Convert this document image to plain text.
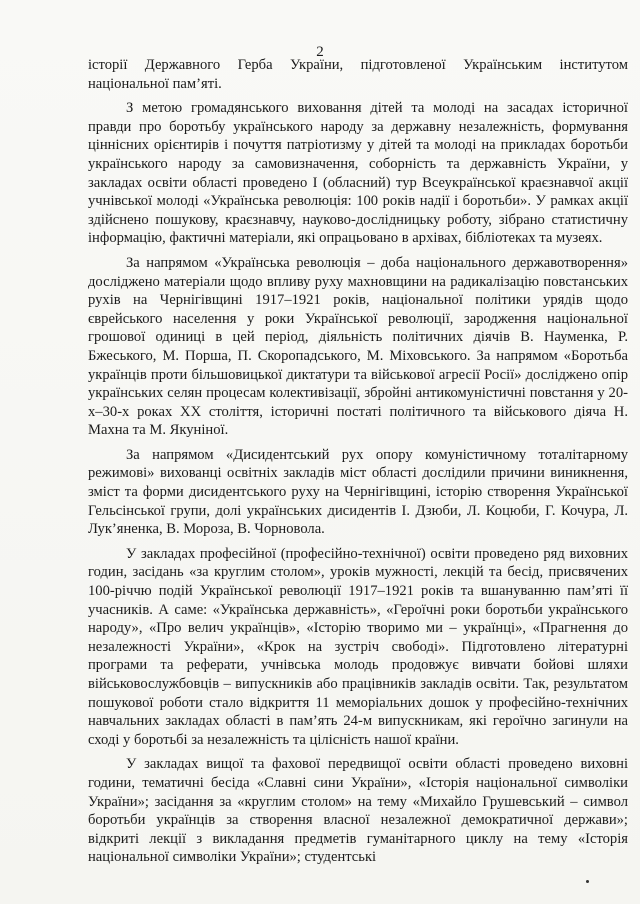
2

історії Державного Герба України, підготовленої Українським інститутом національної пам’яті.

З метою громадянського виховання дітей та молоді на засадах історичної правди про боротьбу українського народу за державну незалежність, формування ціннісних орієнтирів і почуття патріотизму у дітей та молоді на прикладах боротьби українського народу за самовизначення, соборність та державність України, у закладах освіти області проведено І (обласний) тур Всеукраїнської краєзнавчої акції учнівської молоді «Українська революція: 100 років надії і боротьби». У рамках акції здійснено пошукову, краєзнавчу, науково-дослідницьку роботу, зібрано статистичну інформацію, фактичні матеріали, які опрацьовано в архівах, бібліотеках та музеях.

За напрямом «Українська революція – доба національного державотворення» досліджено матеріали щодо впливу руху махновщини на радикалізацію повстанських рухів на Чернігівщині 1917–1921 років, національної політики урядів щодо єврейського населення у роки Української революції, зародження національної грошової одиниці в цей період, діяльність політичних діячів В. Науменка, Р. Бжеського, М. Порша, П. Скоропадського, М. Міховського. За напрямом «Боротьба українців проти більшовицької диктатури та військової агресії Росії» досліджено опір українських селян процесам колективізації, збройні антикомуністичні повстання у 20-х–30-х роках ХХ століття, історичні постаті політичного та військового діяча Н. Махна та М. Якуніної.

За напрямом «Дисидентський рух опору комуністичному тоталітарному режимові» вихованці освітніх закладів міст області дослідили причини виникнення, зміст та форми дисидентського руху на Чернігівщині, історію створення Української Гельсінської групи, долі українських дисидентів І. Дзюби, Л. Коцюби, Г. Кочура, Л. Лук’яненка, В. Мороза, В. Чорновола.

У закладах професійної (професійно-технічної) освіти проведено ряд виховних годин, засідань «за круглим столом», уроків мужності, лекцій та бесід, присвячених 100-річчю подій Української революції 1917–1921 років та вшануванню пам’яті її учасників. А саме: «Українська державність», «Героїчні роки боротьби українського народу», «Про велич українців», «Історію творимо ми – українці», «Прагнення до незалежності України», «Крок на зустріч свободі». Підготовлено літературні програми та реферати, учнівська молодь продовжує вивчати бойові шляхи військовослужбовців – випускників або працівників закладів освіти. Так, результатом пошукової роботи стало відкриття 11 меморіальних дошок у професійно-технічних навчальних закладах області в пам’ять 24-м випускникам, які героїчно загинули на сході у боротьбі за незалежність та цілісність нашої країни.

У закладах вищої та фахової передвищої освіти області проведено виховні години, тематичні бесіда «Славні сини України», «Історія національної символіки України»; засідання за «круглим столом» на тему «Михайло Грушевський – символ боротьби українців за створення власної незалежної демократичної держави»; відкриті лекції з викладання предметів гуманітарного циклу на тему «Історія національної символіки України»; студентські
